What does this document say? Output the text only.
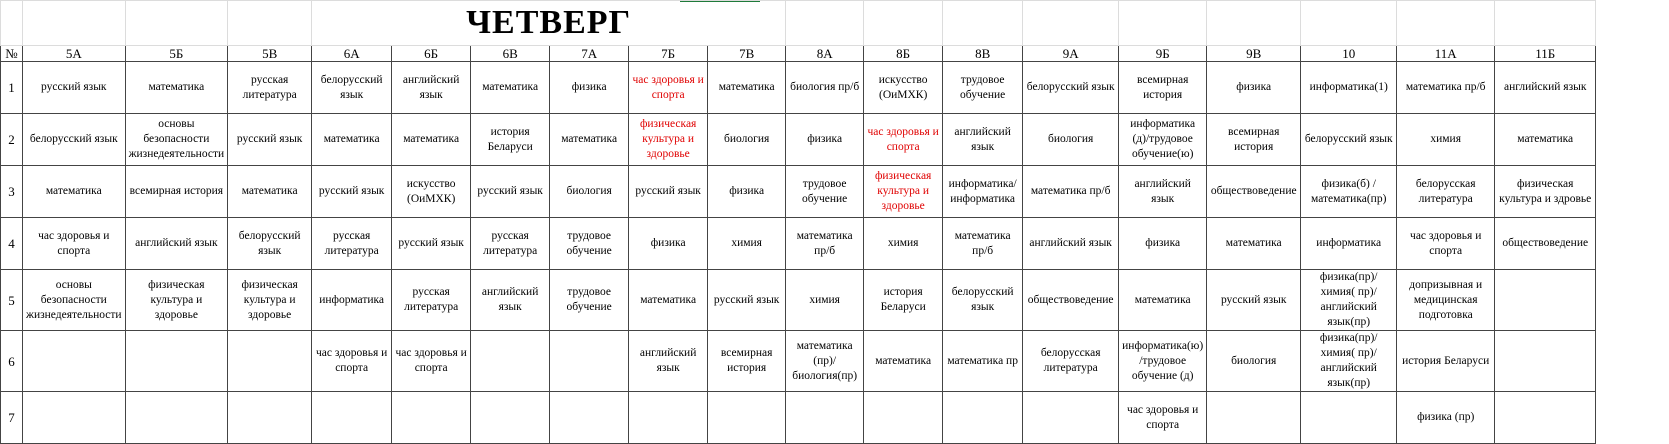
				ЧЕТВЕРГ														
№	5А	5Б	5В	6А	6Б	6В	7А	7Б	7В	8А	8Б	8В	9А	9Б	9В	10	11А	11Б
1	русский язык	математика	русская литература	белорусский язык	английский язык	математика	физика	час здоровья и спорта	математика	биология пр/б	искусство (ОиМХК)	трудовое обучение	белорусский язык	всемирная история	физика	информатика(1)	математика пр/б	английский язык
2	белорусский язык	основы безопасности жизнедеятельности	русский язык	математика	математика	история Беларуси	математика	физическая культура и здоровье	биология	физика	час здоровья и спорта	английский язык	биология	информатика (д)/трудовое обучение(ю)	всемирная история	белорусский язык	химия	математика
3	математика	всемирная история	математика	русский язык	искусство (ОиМХК)	русский язык	биология	русский язык	физика	трудовое обучение	физическая культура и здоровье	информатика/ информатика	математика пр/б	английский язык	обществоведение	физика(б) /математика(пр)	белорусская литература	физическая культура и здровье
4	час здоровья и спорта	английский язык	белорусский язык	русская литература	русский язык	русская литература	трудовое обучение	физика	химия	математика пр/б	химия	математика пр/б	английский язык	физика	математика	информатика	час здоровья и спорта	обществоведение
5	основы безопасности жизнедеятельности	физическая культура и здоровье	физическая культура и здоровье	информатика	русская литература	английский язык	трудовое обучение	математика	русский язык	химия	история Беларуси	белорусский язык	обществоведение	математика	русский язык	физика(пр)/химия( пр)/английский язык(пр)	допризывная и медицинская подготовка	
6				час здоровья и спорта	час здоровья и спорта			английский язык	всемирная история	математика (пр)/ биология(пр)	математика	математика пр	белорусская литература	информатика(ю) /трудовое обучение (д)	биология	физика(пр)/химия( пр)/английский язык(пр)	история Беларуси	
7														час здоровья и спорта			физика (пр)	
